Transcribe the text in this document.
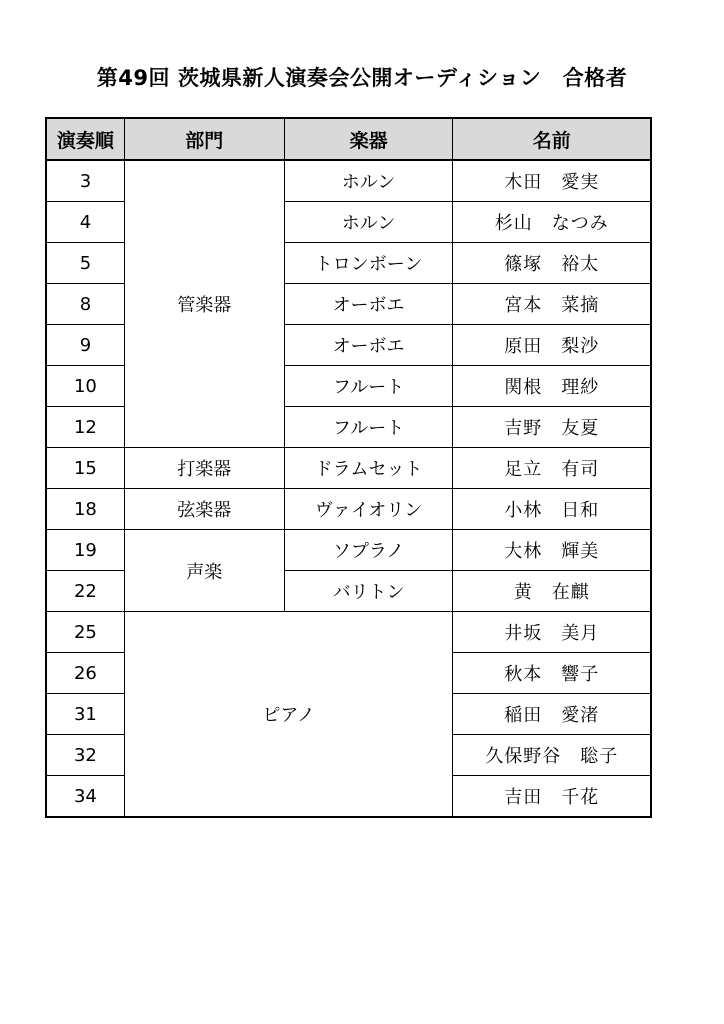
第49回 茨城県新人演奏会公開オーディション　合格者
演奏順	部門	楽器	名前
3	管楽器	ホルン	木田　愛実
4		ホルン	杉山　なつみ
5		トロンボーン	篠塚　裕太
8		オーボエ	宮本　菜摘
9		オーボエ	原田　梨沙
10		フルート	関根　理紗
12		フルート	吉野　友夏
15	打楽器	ドラムセット	足立　有司
18	弦楽器	ヴァイオリン	小林　日和
19	声楽	ソプラノ	大林　輝美
22		バリトン	黄　在麒
25	ピアノ		井坂　美月
26			秋本　響子
31			稲田　愛渚
32			久保野谷　聡子
34			吉田　千花
